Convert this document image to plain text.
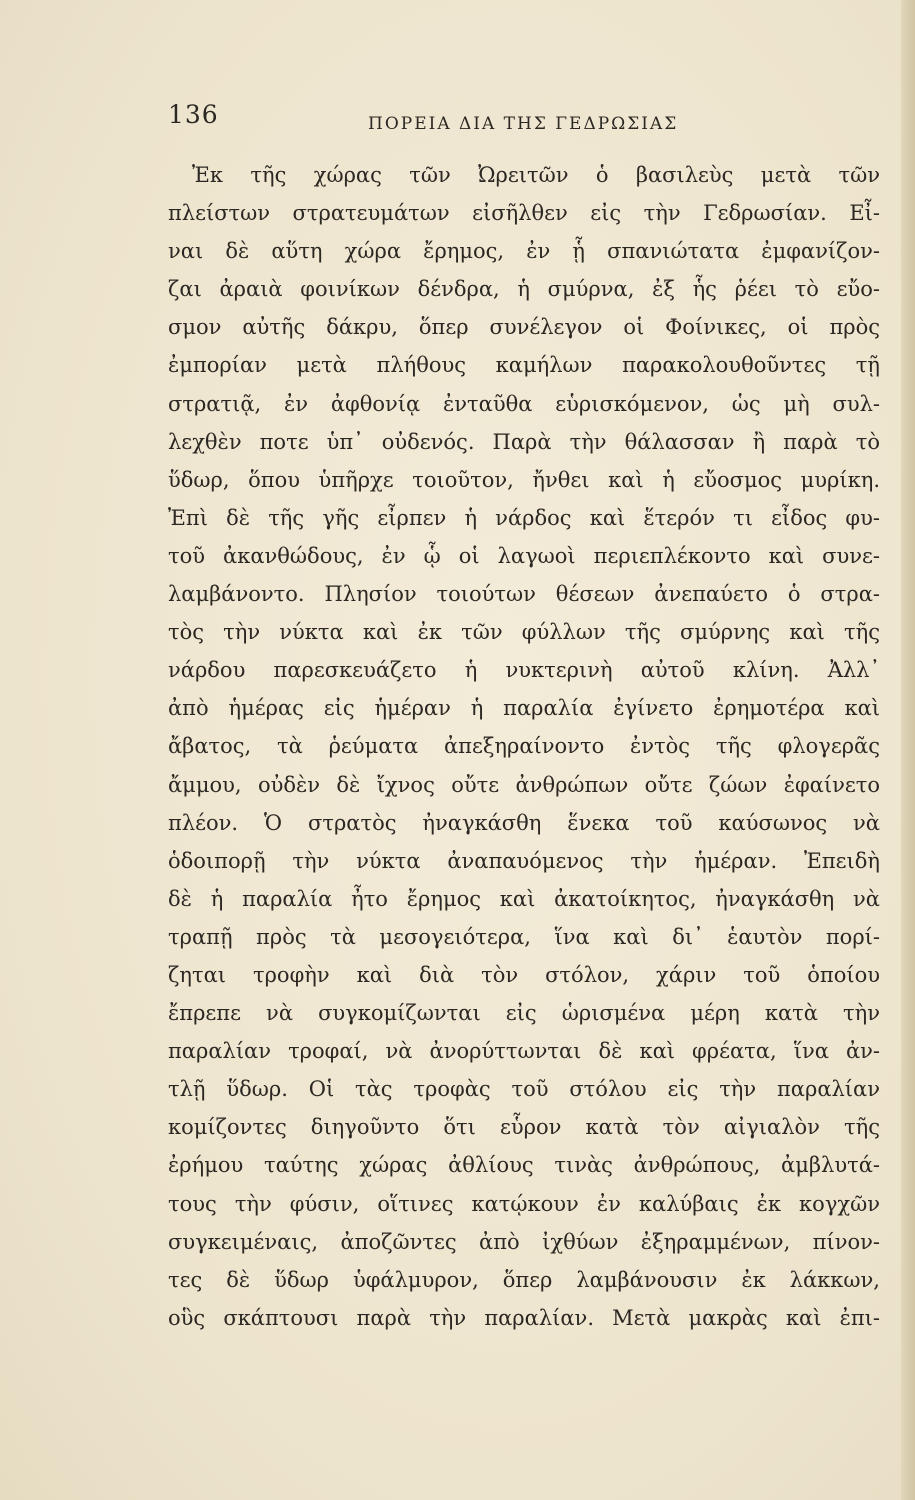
136	ΠΟΡΕΙΑ ΔΙΑ ΤΗΣ ΓΕΔΡΩΣΙΑΣ
Ἐκ τῆς χώρας τῶν Ὠρειτῶν ὁ βασιλεὺς μετὰ τῶν
πλείστων στρατευμάτων εἰσῆλθεν εἰς τὴν Γεδρωσίαν. Εἶ-
ναι δὲ αὕτη χώρα ἔρημος, ἐν ᾗ σπανιώτατα ἐμφανίζον-
ζαι ἀραιὰ φοινίκων δένδρα, ἡ σμύρνα, ἐξ ἧς ῥέει τὸ εὔο-
σμον αὐτῆς δάκρυ, ὅπερ συνέλεγον οἱ Φοίνικες, οἱ πρὸς
ἐμπορίαν μετὰ πλήθους καμήλων παρακολουθοῦντες τῇ
στρατιᾷ, ἐν ἀφθονίᾳ ἐνταῦθα εὑρισκόμενον, ὡς μὴ συλ-
λεχθὲν ποτε ὑπ᾽ οὐδενός. Παρὰ τὴν θάλασσαν ἢ παρὰ τὸ
ὕδωρ, ὅπου ὑπῆρχε τοιοῦτον, ἤνθει καὶ ἡ εὔοσμος μυρίκη.
Ἐπὶ δὲ τῆς γῆς εἶρπεν ἡ νάρδος καὶ ἕτερόν τι εἶδος φυ-
τοῦ ἀκανθώδους, ἐν ᾧ οἱ λαγωοὶ περιεπλέκοντο καὶ συνε-
λαμβάνοντο. Πλησίον τοιούτων θέσεων ἀνεπαύετο ὁ στρα-
τὸς τὴν νύκτα καὶ ἐκ τῶν φύλλων τῆς σμύρνης καὶ τῆς
νάρδου παρεσκευάζετο ἡ νυκτερινὴ αὐτοῦ κλίνη. Ἀλλ᾽
ἀπὸ ἡμέρας εἰς ἡμέραν ἡ παραλία ἐγίνετο ἐρημοτέρα καὶ
ἄβατος, τὰ ῥεύματα ἀπεξηραίνοντο ἐντὸς τῆς φλογερᾶς
ἄμμου, οὐδὲν δὲ ἴχνος οὔτε ἀνθρώπων οὔτε ζώων ἐφαίνετο
πλέον. Ὁ στρατὸς ἠναγκάσθη ἕνεκα τοῦ καύσωνος νὰ
ὁδοιπορῇ τὴν νύκτα ἀναπαυόμενος τὴν ἡμέραν. Ἐπειδὴ
δὲ ἡ παραλία ἦτο ἔρημος καὶ ἀκατοίκητος, ἠναγκάσθη νὰ
τραπῇ πρὸς τὰ μεσογειότερα, ἵνα καὶ δι᾽ ἑαυτὸν πορί-
ζηται τροφὴν καὶ διὰ τὸν στόλον, χάριν τοῦ ὁποίου
ἔπρεπε νὰ συγκομίζωνται εἰς ὡρισμένα μέρη κατὰ τὴν
παραλίαν τροφαί, νὰ ἀνορύττωνται δὲ καὶ φρέατα, ἵνα ἀν-
τλῇ ὕδωρ. Οἱ τὰς τροφὰς τοῦ στόλου εἰς τὴν παραλίαν
κομίζοντες διηγοῦντο ὅτι εὗρον κατὰ τὸν αἰγιαλὸν τῆς
ἐρήμου ταύτης χώρας ἀθλίους τινὰς ἀνθρώπους, ἀμβλυτά-
τους τὴν φύσιν, οἵτινες κατῴκουν ἐν καλύβαις ἐκ κογχῶν
συγκειμέναις, ἀποζῶντες ἀπὸ ἰχθύων ἐξηραμμένων, πίνον-
τες δὲ ὕδωρ ὑφάλμυρον, ὅπερ λαμβάνουσιν ἐκ λάκκων,
οὓς σκάπτουσι παρὰ τὴν παραλίαν. Μετὰ μακρὰς καὶ ἐπι-
